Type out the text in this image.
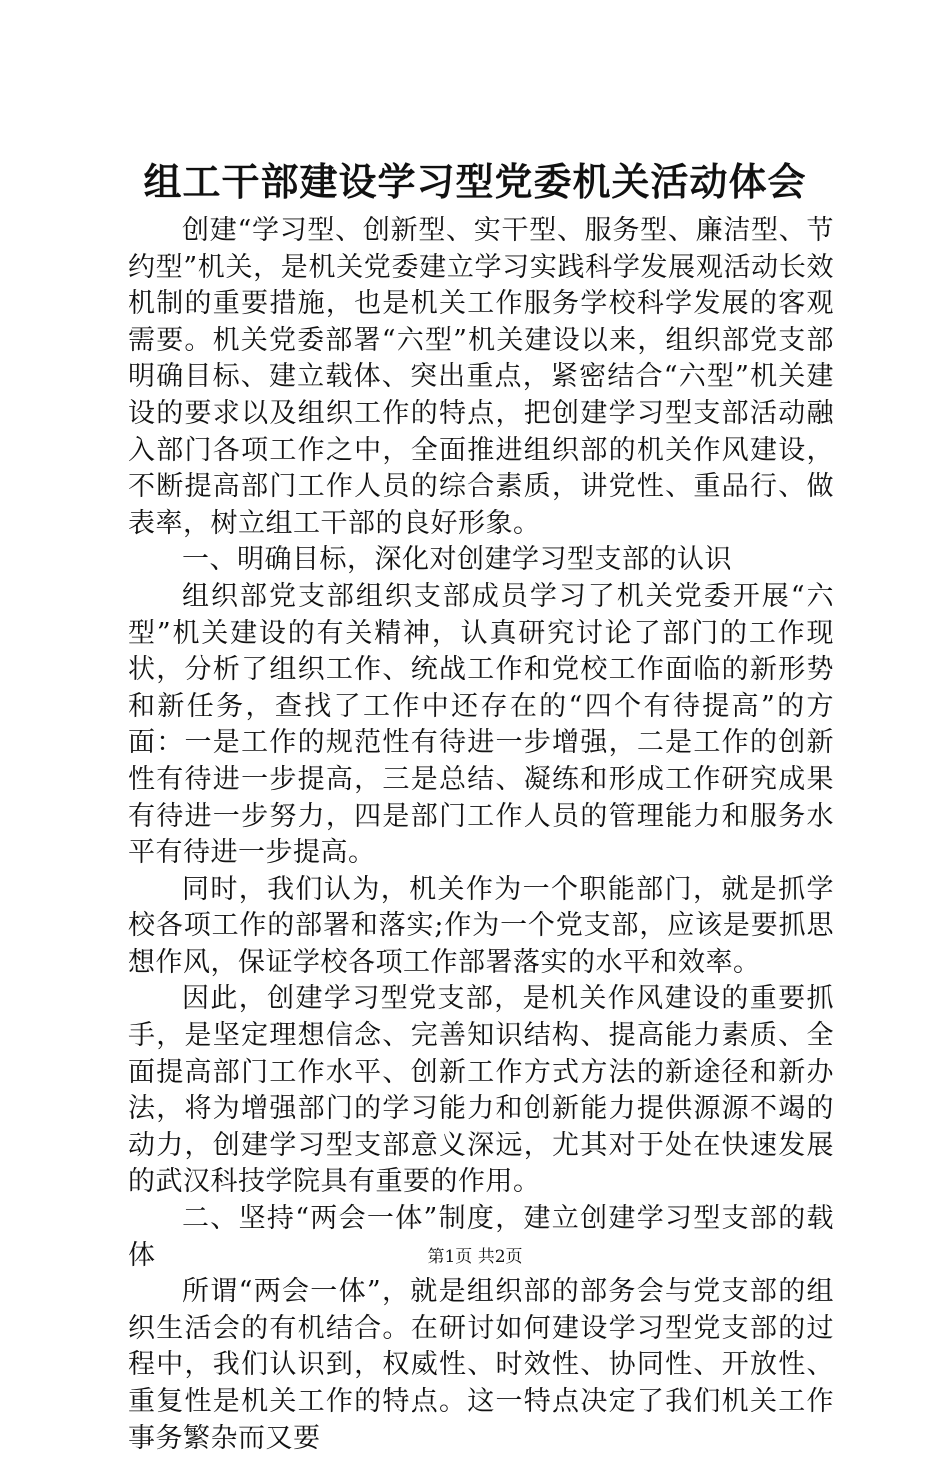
组工干部建设学习型党委机关活动体会

创建“学习型、创新型、实干型、服务型、廉洁型、节约型”机关，是机关党委建立学习实践科学发展观活动长效机制的重要措施，也是机关工作服务学校科学发展的客观需要。机关党委部署“六型”机关建设以来，组织部党支部明确目标、建立载体、突出重点，紧密结合“六型”机关建设的要求以及组织工作的特点，把创建学习型支部活动融入部门各项工作之中，全面推进组织部的机关作风建设，不断提高部门工作人员的综合素质，讲党性、重品行、做表率，树立组工干部的良好形象。

一、明确目标，深化对创建学习型支部的认识

组织部党支部组织支部成员学习了机关党委开展“六型”机关建设的有关精神，认真研究讨论了部门的工作现状，分析了组织工作、统战工作和党校工作面临的新形势和新任务，查找了工作中还存在的“四个有待提高”的方面：一是工作的规范性有待进一步增强，二是工作的创新性有待进一步提高，三是总结、凝练和形成工作研究成果有待进一步努力，四是部门工作人员的管理能力和服务水平有待进一步提高。

同时，我们认为，机关作为一个职能部门，就是抓学校各项工作的部署和落实;作为一个党支部，应该是要抓思想作风，保证学校各项工作部署落实的水平和效率。

因此，创建学习型党支部，是机关作风建设的重要抓手，是坚定理想信念、完善知识结构、提高能力素质、全面提高部门工作水平、创新工作方式方法的新途径和新办法，将为增强部门的学习能力和创新能力提供源源不竭的动力，创建学习型支部意义深远，尤其对于处在快速发展的武汉科技学院具有重要的作用。

二、坚持“两会一体”制度，建立创建学习型支部的载体

所谓“两会一体”，就是组织部的部务会与党支部的组织生活会的有机结合。在研讨如何建设学习型党支部的过程中，我们认识到，权威性、时效性、协同性、开放性、重复性是机关工作的特点。这一特点决定了我们机关工作事务繁杂而又要

第1页 共2页
